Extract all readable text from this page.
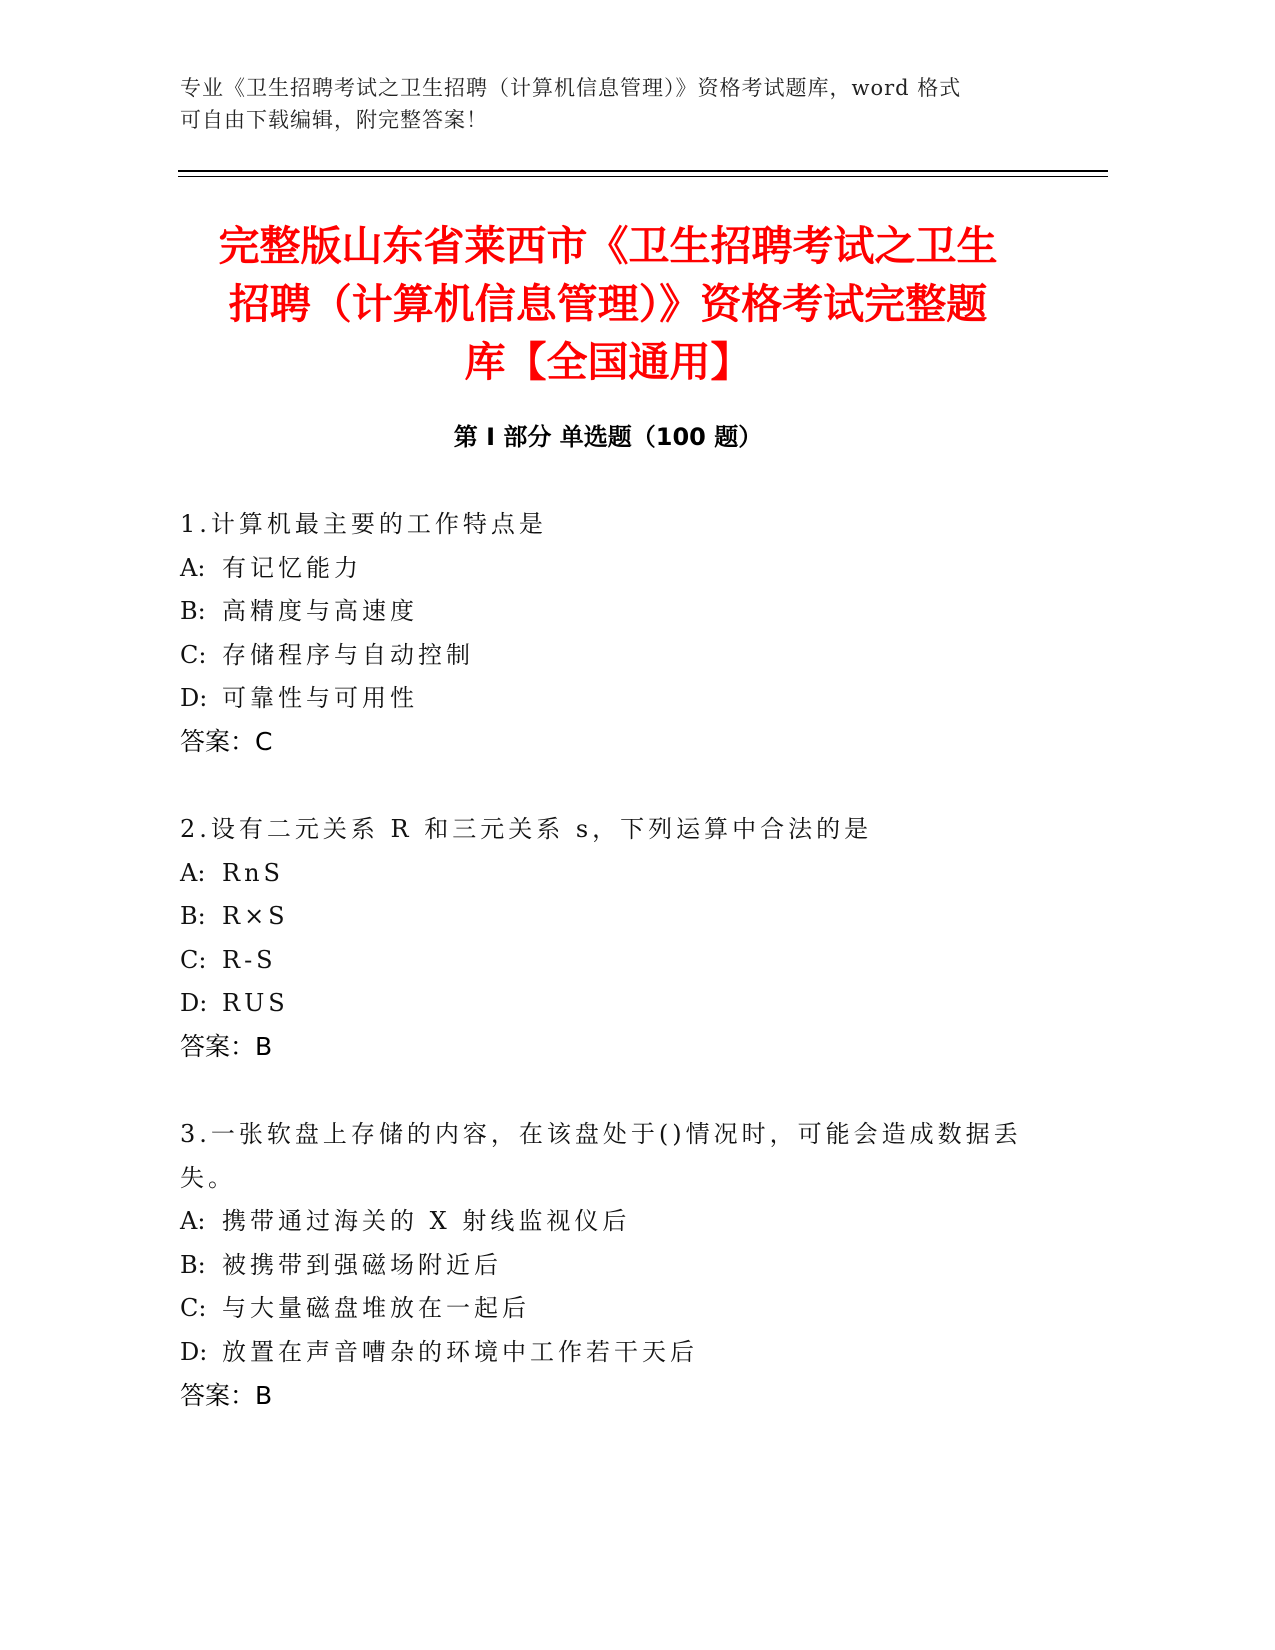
专业《卫生招聘考试之卫生招聘（计算机信息管理）》资格考试题库，word 格式
可自由下载编辑，附完整答案！
完整版山东省莱西市《卫生招聘考试之卫生
招聘（计算机信息管理）》资格考试完整题
库【全国通用】
第 I 部分 单选题（100 题）
1.计算机最主要的工作特点是
A: 有记忆能力
B: 高精度与高速度
C: 存储程序与自动控制
D: 可靠性与可用性
答案：C
2.设有二元关系 R 和三元关系 s，下列运算中合法的是
A: RnS
B: R×S
C: R-S
D: RUS
答案：B
3.一张软盘上存储的内容，在该盘处于()情况时，可能会造成数据丢
失。
A: 携带通过海关的 X 射线监视仪后
B: 被携带到强磁场附近后
C: 与大量磁盘堆放在一起后
D: 放置在声音嘈杂的环境中工作若干天后
答案：B
